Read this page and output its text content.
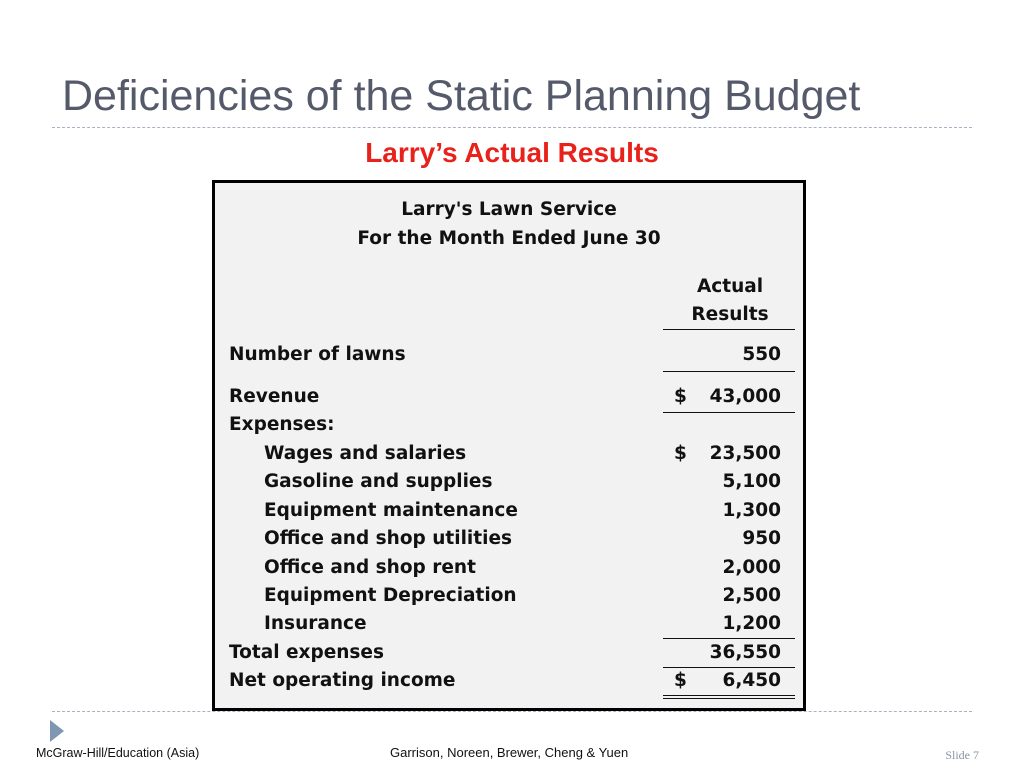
Deficiencies of the Static Planning Budget
Larry’s Actual Results
Larry's Lawn Service
For the Month Ended June 30
Actual
Results
Number of lawns	550
Revenue	$ 43,000
Expenses:
Wages and salaries	$ 23,500
Gasoline and supplies	5,100
Equipment maintenance	1,300
Office and shop utilities	950
Office and shop rent	2,000
Equipment Depreciation	2,500
Insurance	1,200
Total expenses	36,550
Net operating income	$ 6,450
McGraw-Hill/Education (Asia)	Garrison, Noreen, Brewer, Cheng & Yuen	Slide 7
